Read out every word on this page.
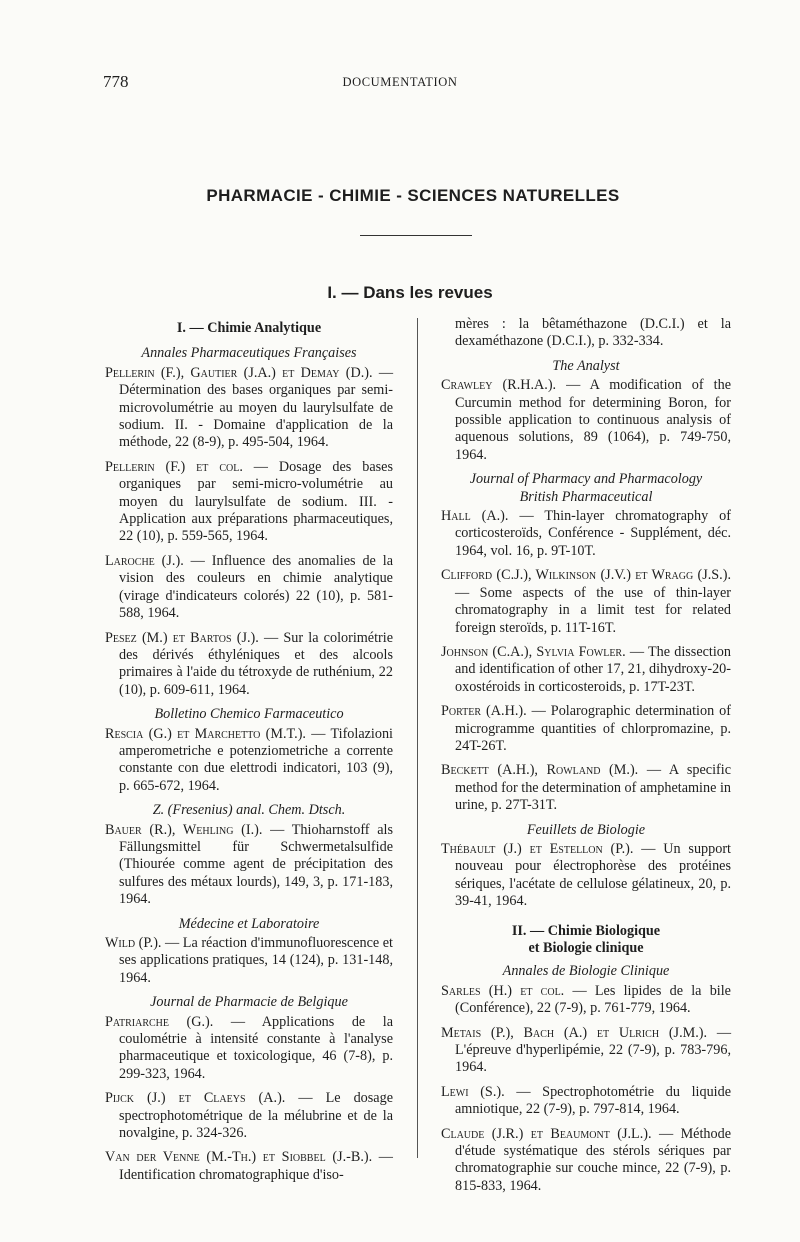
778	DOCUMENTATION
PHARMACIE - CHIMIE - SCIENCES NATURELLES
I. — Dans les revues
I. — Chimie Analytique
Annales Pharmaceutiques Françaises

Pellerin (F.), Gautier (J.A.) et Demay (D.). — Détermination des bases organiques par semi-microvolumétrie au moyen du laurylsulfate de sodium. II. - Domaine d'application de la méthode, 22 (8-9), p. 495-504, 1964.

Pellerin (F.) et col. — Dosage des bases organiques par semi-micro-volumétrie au moyen du laurylsulfate de sodium. III. - Application aux préparations pharmaceutiques, 22 (10), p. 559-565, 1964.

Laroche (J.). — Influence des anomalies de la vision des couleurs en chimie analytique (virage d'indicateurs colorés) 22 (10), p. 581-588, 1964.

Pesez (M.) et Bartos (J.). — Sur la colorimétrie des dérivés éthyléniques et des alcools primaires à l'aide du tétroxyde de ruthénium, 22 (10), p. 609-611, 1964.

Bolletino Chemico Farmaceutico

Rescia (G.) et Marchetto (M.T.). — Tifolazioni amperometriche e potenziometriche a corrente constante con due elettrodi indicatori, 103 (9), p. 665-672, 1964.

Z. (Fresenius) anal. Chem. Dtsch.

Bauer (R.), Wehling (I.). — Thioharnstoff als Fällungsmittel für Schwermetalsulfide (Thiourée comme agent de précipitation des sulfures des métaux lourds), 149, 3, p. 171-183, 1964.

Médecine et Laboratoire

Wild (P.). — La réaction d'immunofluorescence et ses applications pratiques, 14 (124), p. 131-148, 1964.

Journal de Pharmacie de Belgique

Patriarche (G.). — Applications de la coulométrie à intensité constante à l'analyse pharmaceutique et toxicologique, 46 (7-8), p. 299-323, 1964.

Pijck (J.) et Claeys (A.). — Le dosage spectrophotométrique de la mélubrine et de la novalgine, p. 324-326.

Van der Venne (M.-Th.) et Siobbel (J.-B.). — Identification chromatographique d'iso-

mères : la bêtaméthazone (D.C.I.) et la dexaméthazone (D.C.I.), p. 332-334.

The Analyst

Crawley (R.H.A.). — A modification of the Curcumin method for determining Boron, for possible application to continuous analysis of aquenous solutions, 89 (1064), p. 749-750, 1964.

Journal of Pharmacy and Pharmacology
British Pharmaceutical

Hall (A.). — Thin-layer chromatography of corticosteroïds, Conférence - Supplément, déc. 1964, vol. 16, p. 9T-10T.

Clifford (C.J.), Wilkinson (J.V.) et Wragg (J.S.). — Some aspects of the use of thin-layer chromatography in a limit test for related foreign steroïds, p. 11T-16T.

Johnson (C.A.), Sylvia Fowler. — The dissection and identification of other 17, 21, dihydroxy-20-oxostéroids in corticosteroids, p. 17T-23T.

Porter (A.H.). — Polarographic determination of microgramme quantities of chlorpromazine, p. 24T-26T.

Beckett (A.H.), Rowland (M.). — A specific method for the determination of amphetamine in urine, p. 27T-31T.

Feuillets de Biologie

Thébault (J.) et Estellon (P.). — Un support nouveau pour électrophorèse des protéines sériques, l'acétate de cellulose gélatineux, 20, p. 39-41, 1964.

II. — Chimie Biologique
et Biologie clinique
Annales de Biologie Clinique

Sarles (H.) et col. — Les lipides de la bile (Conférence), 22 (7-9), p. 761-779, 1964.

Metais (P.), Bach (A.) et Ulrich (J.M.). — L'épreuve d'hyperlipémie, 22 (7-9), p. 783-796, 1964.

Lewi (S.). — Spectrophotométrie du liquide amniotique, 22 (7-9), p. 797-814, 1964.

Claude (J.R.) et Beaumont (J.L.). — Méthode d'étude systématique des stérols sériques par chromatographie sur couche mince, 22 (7-9), p. 815-833, 1964.
